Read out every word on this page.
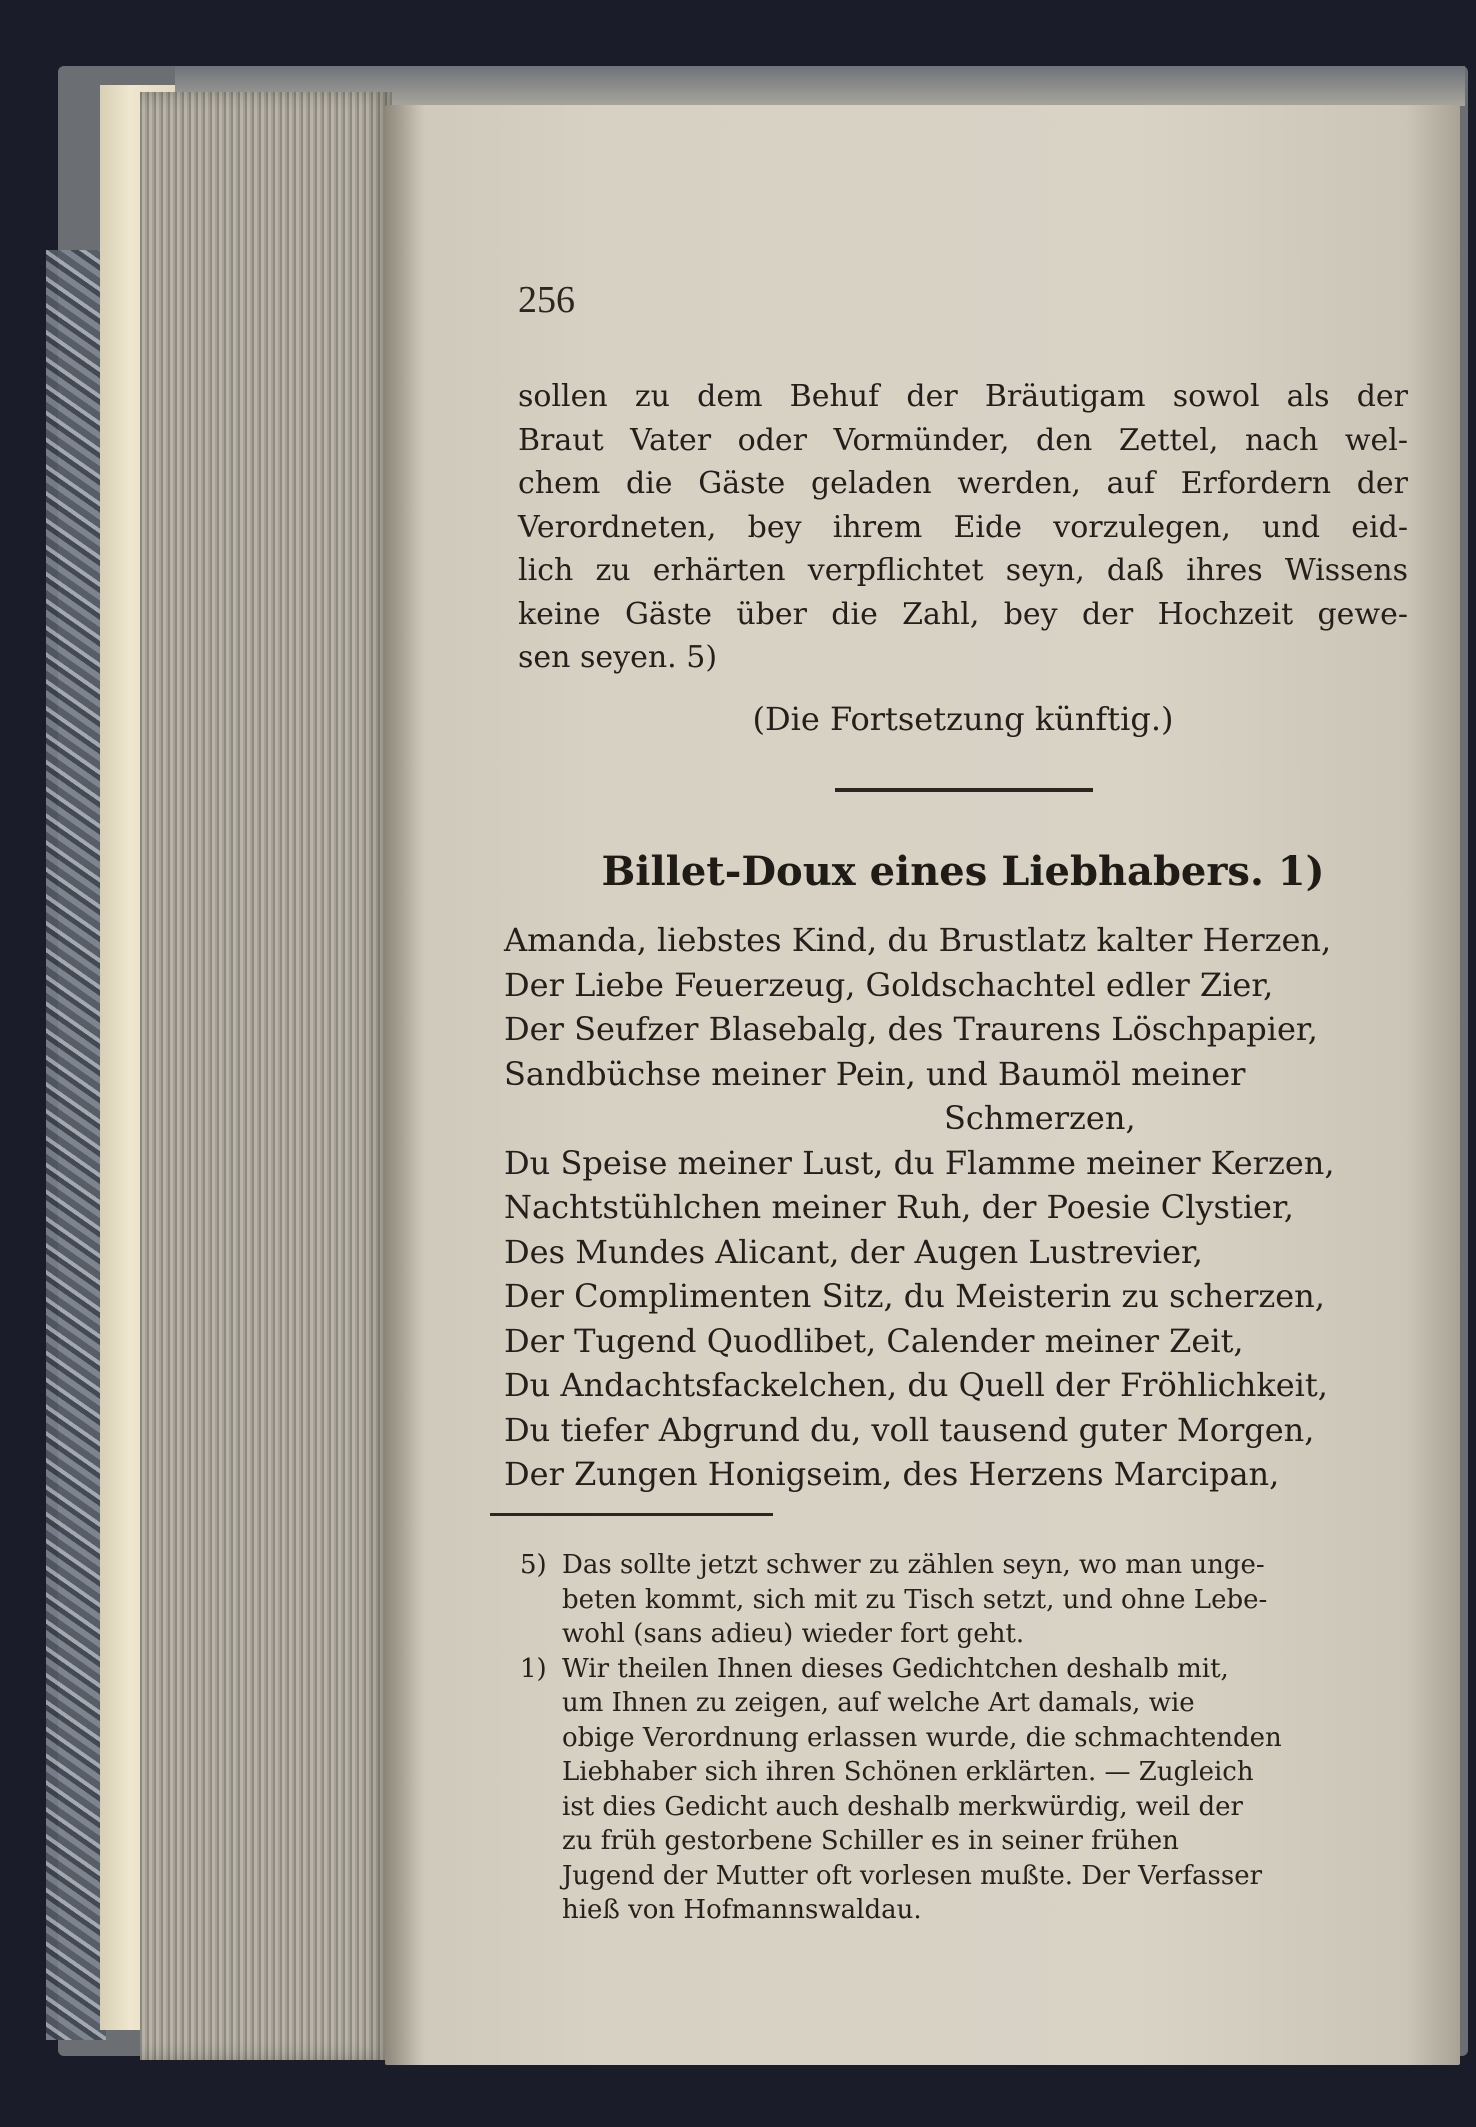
256
sollen zu dem Behuf der Bräutigam sowol als der
Braut Vater oder Vormünder, den Zettel, nach wel-
chem die Gäste geladen werden, auf Erfordern der
Verordneten, bey ihrem Eide vorzulegen, und eid-
lich zu erhärten verpflichtet seyn, daß ihres Wissens
keine Gäste über die Zahl, bey der Hochzeit gewe-
sen seyen. 5)
(Die Fortsetzung künftig.)
Billet-Doux eines Liebhabers. 1)
Amanda, liebstes Kind, du Brustlatz kalter Herzen,
Der Liebe Feuerzeug, Goldschachtel edler Zier,
Der Seufzer Blasebalg, des Traurens Löschpapier,
Sandbüchse meiner Pein, und Baumöl meiner
Schmerzen,
Du Speise meiner Lust, du Flamme meiner Kerzen,
Nachtstühlchen meiner Ruh, der Poesie Clystier,
Des Mundes Alicant, der Augen Lustrevier,
Der Complimenten Sitz, du Meisterin zu scherzen,
Der Tugend Quodlibet, Calender meiner Zeit,
Du Andachtsfackelchen, du Quell der Fröhlichkeit,
Du tiefer Abgrund du, voll tausend guter Morgen,
Der Zungen Honigseim, des Herzens Marcipan,
5) Das sollte jetzt schwer zu zählen seyn, wo man unge-
beten kommt, sich mit zu Tisch setzt, und ohne Lebe-
wohl (sans adieu) wieder fort geht.
1) Wir theilen Ihnen dieses Gedichtchen deshalb mit,
um Ihnen zu zeigen, auf welche Art damals, wie
obige Verordnung erlassen wurde, die schmachtenden
Liebhaber sich ihren Schönen erklärten. — Zugleich
ist dies Gedicht auch deshalb merkwürdig, weil der
zu früh gestorbene Schiller es in seiner frühen
Jugend der Mutter oft vorlesen mußte. Der Verfasser
hieß von Hofmannswaldau.
